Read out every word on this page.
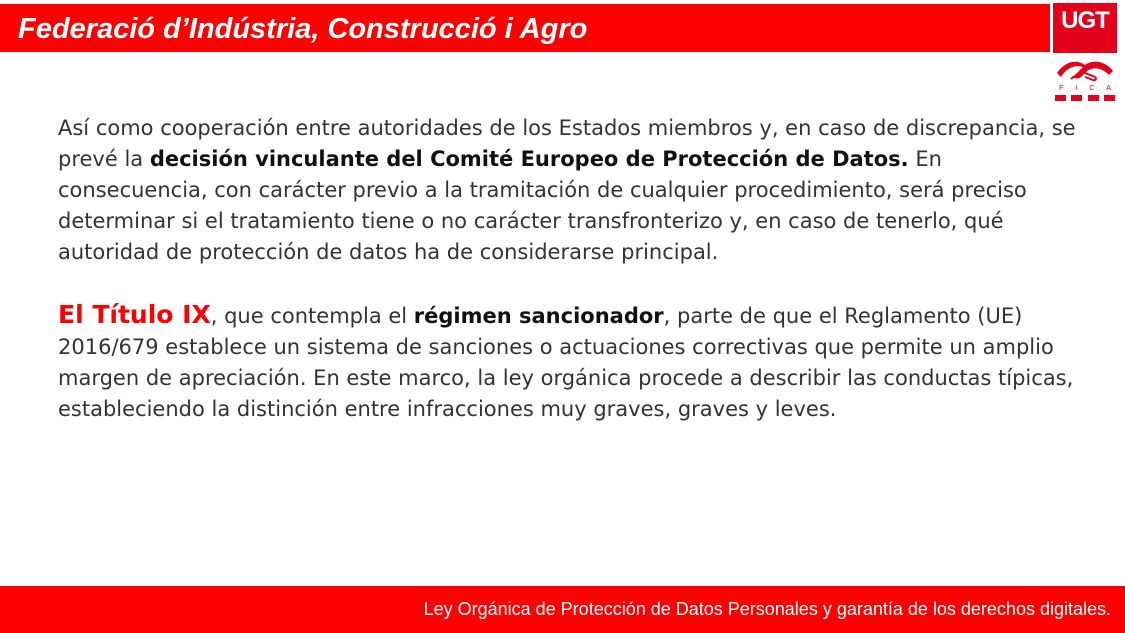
Federació d’Indústria, Construcció i Agro	UGT
F I C A

Así como cooperación entre autoridades de los Estados miembros y, en caso de discrepancia, se prevé la decisión vinculante del Comité Europeo de Protección de Datos. En consecuencia, con carácter previo a la tramitación de cualquier procedimiento, será preciso determinar si el tratamiento tiene o no carácter transfronterizo y, en caso de tenerlo, qué autoridad de protección de datos ha de considerarse principal.

El Título IX, que contempla el régimen sancionador, parte de que el Reglamento (UE) 2016/679 establece un sistema de sanciones o actuaciones correctivas que permite un amplio margen de apreciación. En este marco, la ley orgánica procede a describir las conductas típicas, estableciendo la distinción entre infracciones muy graves, graves y leves.

Ley Orgánica de Protección de Datos Personales y garantía de los derechos digitales.
